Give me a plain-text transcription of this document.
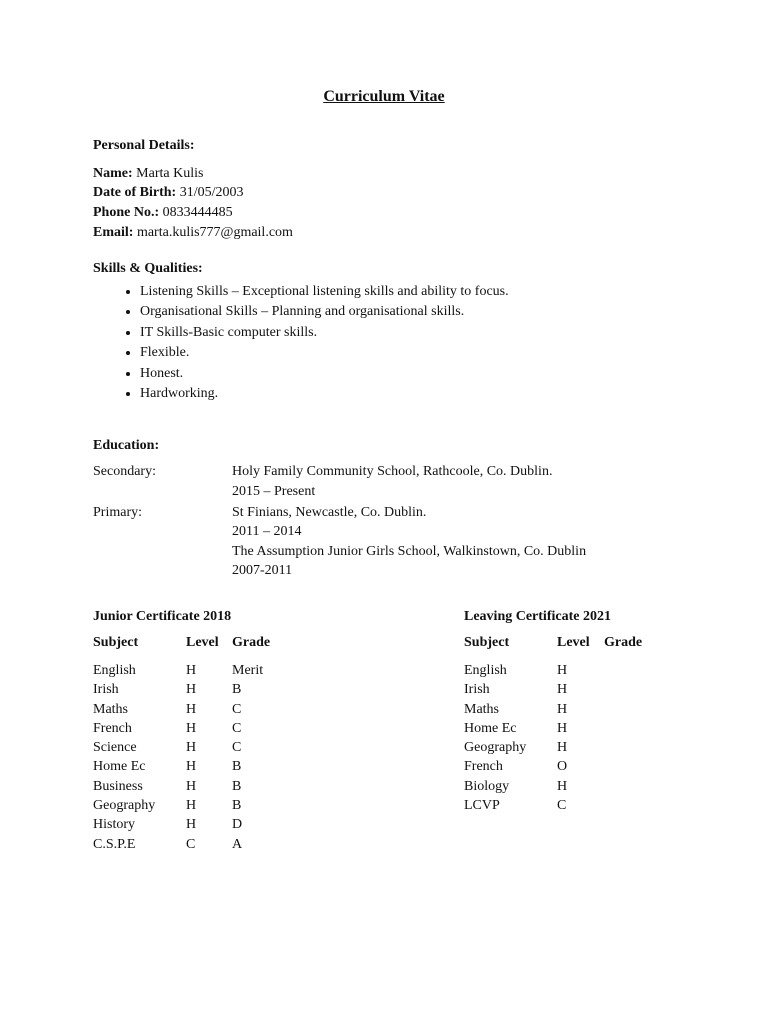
Curriculum Vitae
Personal Details:
Name: Marta Kulis
Date of Birth: 31/05/2003
Phone No.: 0833444485
Email: marta.kulis777@gmail.com
Skills & Qualities:
• Listening Skills – Exceptional listening skills and ability to focus.
• Organisational Skills – Planning and organisational skills.
• IT Skills-Basic computer skills.
• Flexible.
• Honest.
• Hardworking.
Education:
Secondary:	Holy Family Community School, Rathcoole, Co. Dublin.
2015 – Present
Primary:	St Finians, Newcastle, Co. Dublin.
2011 – 2014
The Assumption Junior Girls School, Walkinstown, Co. Dublin
2007-2011
Junior Certificate 2018
Subject	Level Grade
English	H	Merit
Irish	H	B
Maths	H	C
French	H	C
Science	H	C
Home Ec	H	B
Business	H	B
Geography H	B
History	H	D
C.S.P.E	C	A
Leaving Certificate 2021
Subject	Level Grade
English	H
Irish	H
Maths	H
Home Ec	H
Geography H
French	O
Biology	H
LCVP	C
